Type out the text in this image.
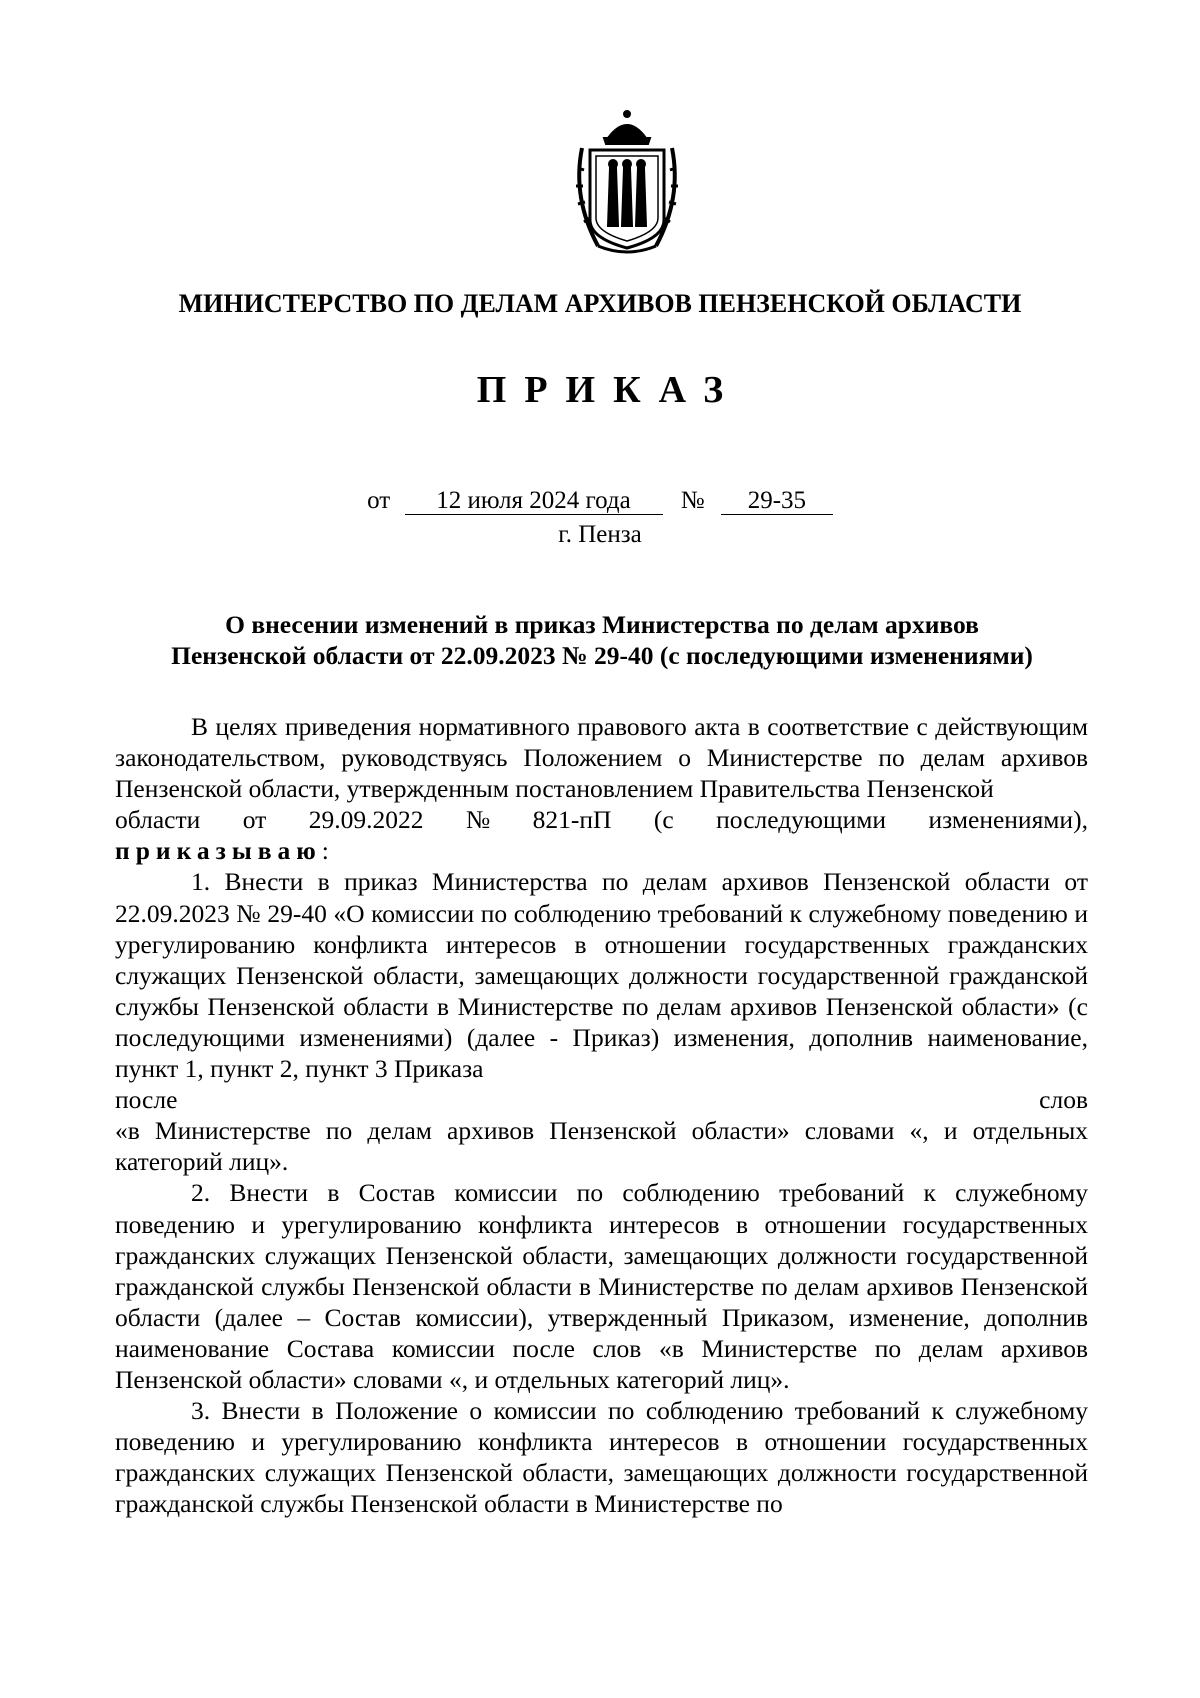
МИНИСТЕРСТВО ПО ДЕЛАМ АРХИВОВ ПЕНЗЕНСКОЙ ОБЛАСТИ
ПРИКАЗ
от 12 июля 2024 года № 29-35
г. Пенза
О внесении изменений в приказ Министерства по делам архивов
Пензенской области от 22.09.2023 № 29-40 (с последующими изменениями)

В целях приведения нормативного правового акта в соответствие с действующим законодательством, руководствуясь Положением о Министерстве по делам архивов Пензенской области, утвержденным постановлением Правительства Пензенской

области от 29.09.2022 № 821-пП (с последующими изменениями),
приказываю:

1. Внести в приказ Министерства по делам архивов Пензенской области от 22.09.2023 № 29-40 «О комиссии по соблюдению требований к служебному поведению и урегулированию конфликта интересов в отношении государственных гражданских служащих Пензенской области, замещающих должности государственной гражданской службы Пензенской области в Министерстве по делам архивов Пензенской области» (с последующими изменениями) (далее - Приказ) изменения, дополнив наименование, пункт 1, пункт 2, пункт 3 Приказа

после	слов

«в Министерстве по делам архивов Пензенской области» словами «, и отдельных категорий лиц».

2. Внести в Состав комиссии по соблюдению требований к служебному поведению и урегулированию конфликта интересов в отношении государственных гражданских служащих Пензенской области, замещающих должности государственной гражданской службы Пензенской области в Министерстве по делам архивов Пензенской области (далее – Состав комиссии), утвержденный Приказом, изменение, дополнив наименование Состава комиссии после слов «в Министерстве по делам архивов Пензенской области» словами «, и отдельных категорий лиц».

3. Внести в Положение о комиссии по соблюдению требований к служебному поведению и урегулированию конфликта интересов в отношении государственных гражданских служащих Пензенской области, замещающих должности государственной гражданской службы Пензенской области в Министерстве по
